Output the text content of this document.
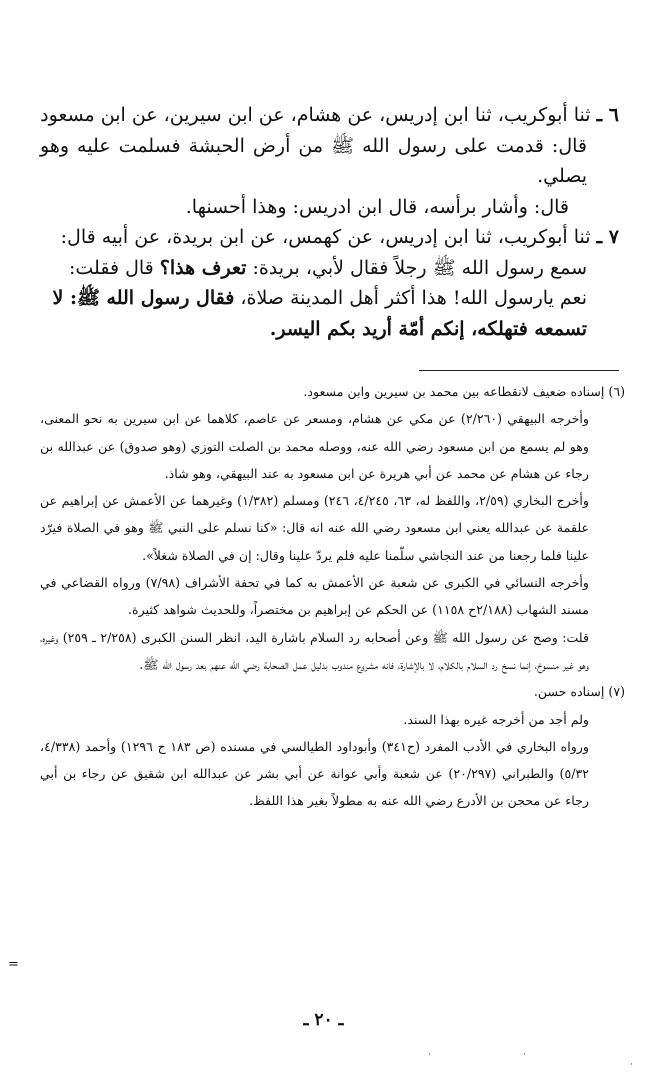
٦ ـ ثنا أبوكريب، ثنا ابن إدريس، عن هشام، عن ابن سيرين، عن ابن مسعود

قال: قدمت على رسول الله ﷺ من أرض الحبشة فسلمت عليه وهو يصلي.

قال: وأشار برأسه، قال ابن ادريس: وهذا أحسنها.

٧ ـ ثنا أبوكريب، ثنا ابن إدريس، عن كهمس، عن ابن بريدة، عن أبيه قال:

سمع رسول الله ﷺ رجلاً فقال لأبي، بريدة: تعرف هذا؟ قال فقلت:

نعم يارسول الله! هذا أكثر أهل المدينة صلاة، فقال رسول الله ﷺ: لا

تسمعه فتهلكه، إنكم أمّة أريد بكم اليسر.

(٦) إسناده ضعيف لانقطاعه بين محمد بن سيرين وابن مسعود.

وأخرجه البيهقي (٢/٢٦٠) عن مكي عن هشام، ومسعر عن عاصم، كلاهما عن ابن سيرين به نحو المعنى، وهو لم يسمع من ابن مسعود رضي الله عنه، ووصله محمد بن الصلت التوزي (وهو صدوق) عن عبدالله بن رجاء عن هشام عن محمد عن أبي هريرة عن ابن مسعود به عند البيهقي، وهو شاذ.

وأخرج البخاري (٢/٥٩، واللفظ له، ٦٣، ٤/٢٤٥، ٢٤٦) ومسلم (١/٣٨٢) وغيرهما عن الأعمش عن إبراهيم عن علقمة عن عبدالله يعني ابن مسعود رضي الله عنه انه قال: «كنا نسلم على النبي ﷺ وهو في الصلاة فيرّد علينا فلما رجعنا من عند النجاشي سلّمنا عليه فلم يردّ علينا وقال: إن في الصلاة شغلاً».

وأخرجه النسائي في الكبرى عن شعبة عن الأعمش به كما في تحفة الأشراف (٧/٩٨) ورواه القضاعي في مسند الشهاب (٢/١٨٨ح ١١٥٨) عن الحكم عن إبراهيم بن مختصراً، وللحديث شواهد كثيرة.

قلت: وصح عن رسول الله ﷺ وعن أصحابه رد السلام باشارة اليد، انظر السنن الكبرى (٢/٢٥٨ ـ ٢٥٩) وغيره، وهو غير منسوخ، إنما نسخ رد السلام بالكلام، لا بالإشارة، فانه مشروع مندوب بدليل عمل الصحابة رضي الله عنهم بعد رسول الله ﷺ.

(٧) إسناده حسن.

ولم أجد من أخرجه غيره بهذا السند.

ورواه البخاري في الأدب المفرد (ح٣٤١) وأبوداود الطيالسي في مسنده (ص ١٨٣ ح ١٢٩٦) وأحمد (٤/٣٣٨، ٥/٣٢) والطبراني (٢٠/٢٩٧) عن شعبة وأبي عوانة عن أبي بشر عن عبدالله ابن شقيق عن رجاء بن أبي رجاء عن محجن بن الأدرع رضي الله عنه به مطولاً بغير هذا اللفظ.

=
ـ ٢٠ ـ
·	·
·
